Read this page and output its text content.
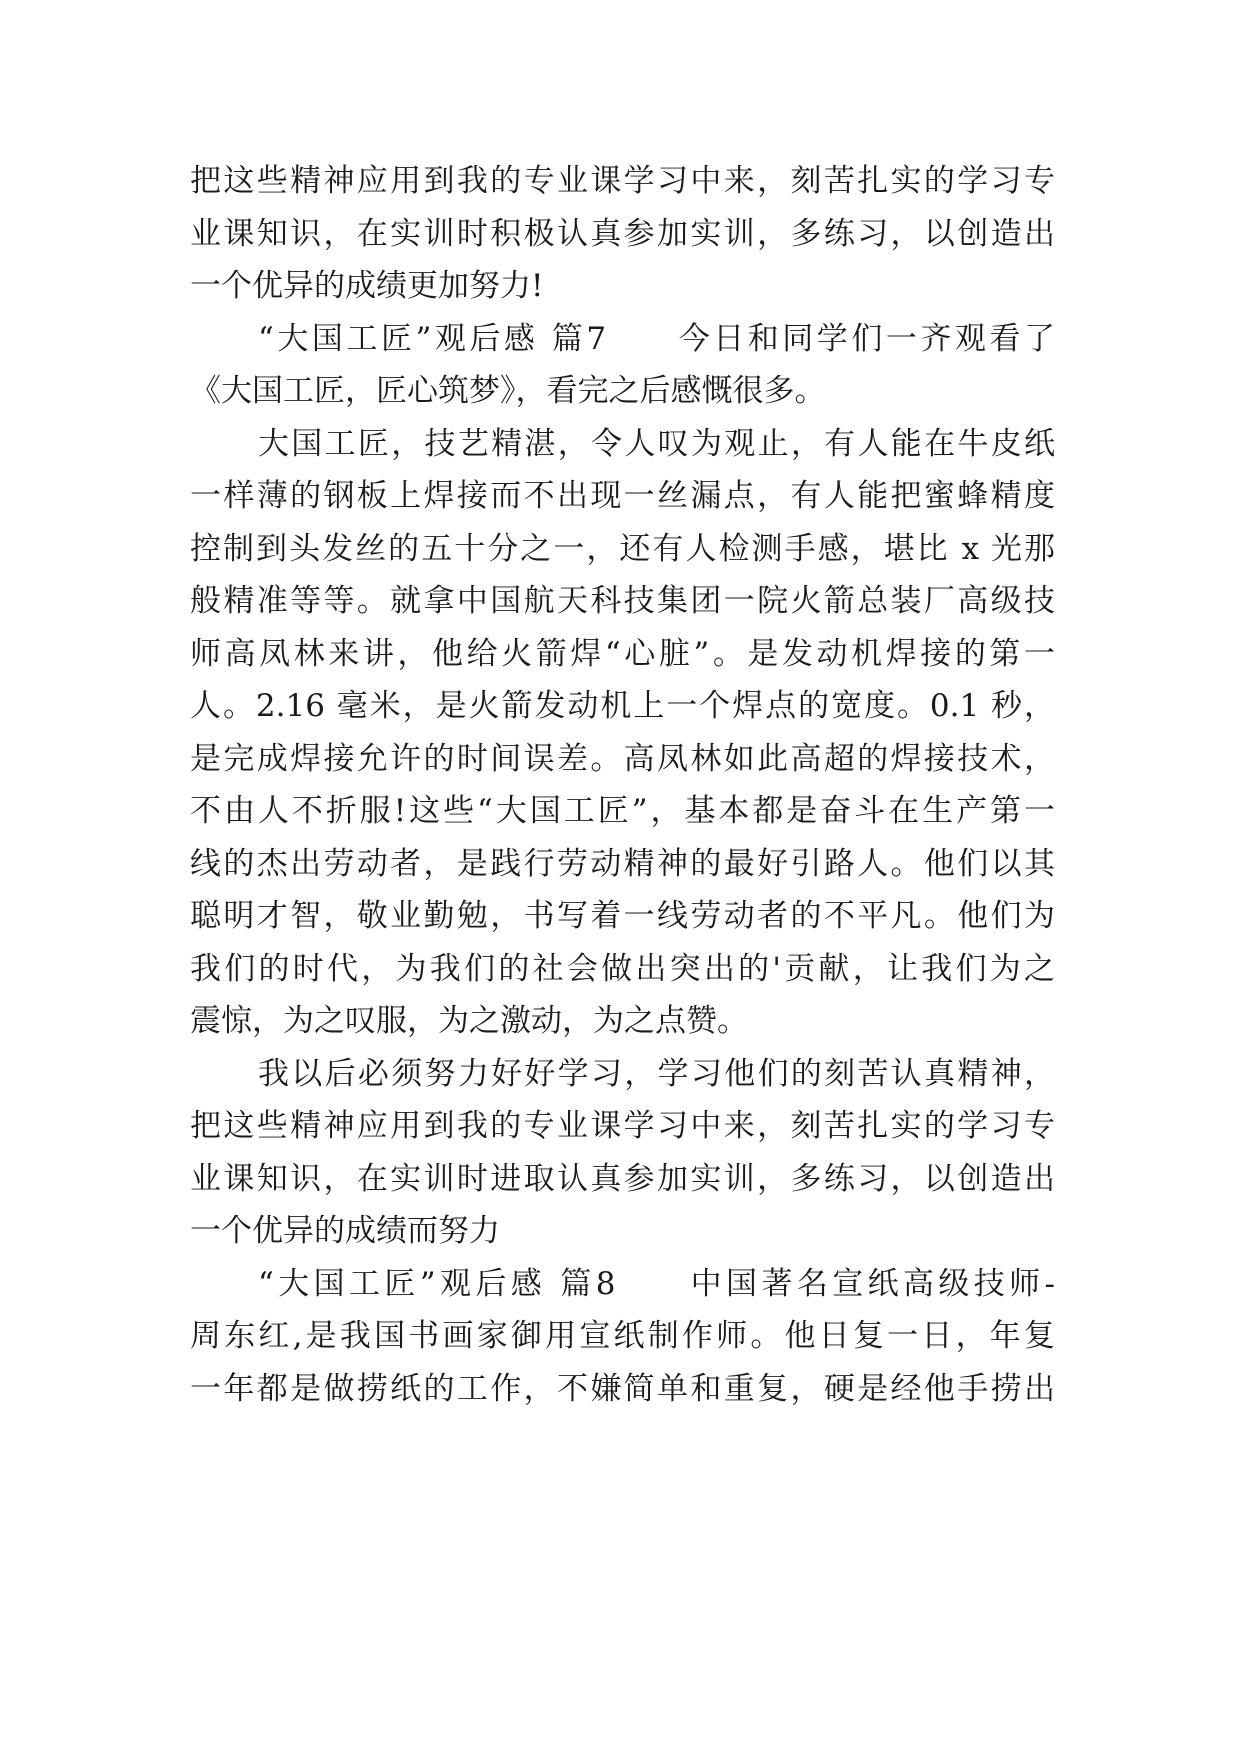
把这些精神应用到我的专业课学习中来，刻苦扎实的学习专
业课知识，在实训时积极认真参加实训，多练习，以创造出
一个优异的成绩更加努力!
“大国工匠”观后感 篇7　　今日和同学们一齐观看了
《大国工匠，匠心筑梦》，看完之后感慨很多。
大国工匠，技艺精湛，令人叹为观止，有人能在牛皮纸
一样薄的钢板上焊接而不出现一丝漏点，有人能把蜜蜂精度
控制到头发丝的五十分之一，还有人检测手感，堪比 x 光那
般精准等等。就拿中国航天科技集团一院火箭总装厂高级技
师高凤林来讲，他给火箭焊“心脏”。是发动机焊接的第一
人。2.16 毫米，是火箭发动机上一个焊点的宽度。0.1 秒，
是完成焊接允许的时间误差。高凤林如此高超的焊接技术，
不由人不折服!这些“大国工匠”，基本都是奋斗在生产第一
线的杰出劳动者，是践行劳动精神的最好引路人。他们以其
聪明才智，敬业勤勉，书写着一线劳动者的不平凡。他们为
我们的时代，为我们的社会做出突出的'贡献，让我们为之
震惊，为之叹服，为之激动，为之点赞。
我以后必须努力好好学习，学习他们的刻苦认真精神，
把这些精神应用到我的专业课学习中来，刻苦扎实的学习专
业课知识，在实训时进取认真参加实训，多练习，以创造出
一个优异的成绩而努力
“大国工匠”观后感 篇8　　中国著名宣纸高级技师-
周东红,是我国书画家御用宣纸制作师。他日复一日，年复
一年都是做捞纸的工作，不嫌简单和重复，硬是经他手捞出
